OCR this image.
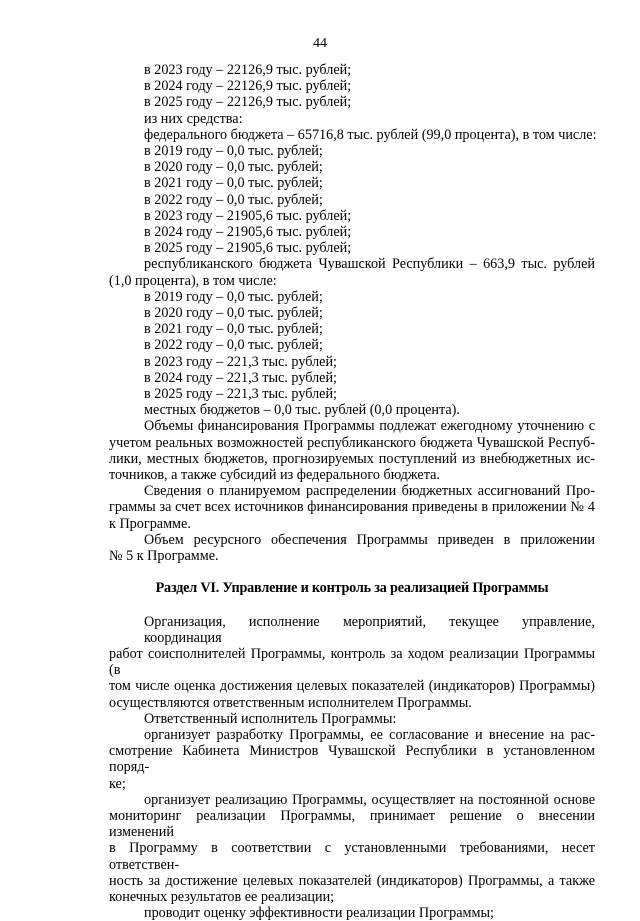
44
в 2023 году – 22126,9 тыс. рублей;
в 2024 году – 22126,9 тыс. рублей;
в 2025 году – 22126,9 тыс. рублей;
из них средства:
федерального бюджета – 65716,8 тыс. рублей (99,0 процента), в том числе:
в 2019 году – 0,0 тыс. рублей;
в 2020 году – 0,0 тыс. рублей;
в 2021 году – 0,0 тыс. рублей;
в 2022 году – 0,0 тыс. рублей;
в 2023 году – 21905,6 тыс. рублей;
в 2024 году – 21905,6 тыс. рублей;
в 2025 году – 21905,6 тыс. рублей;
республиканского бюджета Чувашской Республики – 663,9 тыс. рублей
(1,0 процента), в том числе:
в 2019 году – 0,0 тыс. рублей;
в 2020 году – 0,0 тыс. рублей;
в 2021 году – 0,0 тыс. рублей;
в 2022 году – 0,0 тыс. рублей;
в 2023 году – 221,3 тыс. рублей;
в 2024 году – 221,3 тыс. рублей;
в 2025 году – 221,3 тыс. рублей;
местных бюджетов – 0,0 тыс. рублей (0,0 процента).
Объемы финансирования Программы подлежат ежегодному уточнению с
учетом реальных возможностей республиканского бюджета Чувашской Респуб-
лики, местных бюджетов, прогнозируемых поступлений из внебюджетных ис-
точников, а также субсидий из федерального бюджета.
Сведения о планируемом распределении бюджетных ассигнований Про-
граммы за счет всех источников финансирования приведены в приложении № 4
к Программе.
Объем ресурсного обеспечения Программы приведен в приложении
№ 5 к Программе.
Раздел VI. Управление и контроль за реализацией Программы
Организация, исполнение мероприятий, текущее управление, координация
работ соисполнителей Программы, контроль за ходом реализации Программы (в
том числе оценка достижения целевых показателей (индикаторов) Программы)
осуществляются ответственным исполнителем Программы.
Ответственный исполнитель Программы:
организует разработку Программы, ее согласование и внесение на рас-
смотрение Кабинета Министров Чувашской Республики в установленном поряд-
ке;
организует реализацию Программы, осуществляет на постоянной основе
мониторинг реализации Программы, принимает решение о внесении изменений
в Программу в соответствии с установленными требованиями, несет ответствен-
ность за достижение целевых показателей (индикаторов) Программы, а также
конечных результатов ее реализации;
проводит оценку эффективности реализации Программы;
